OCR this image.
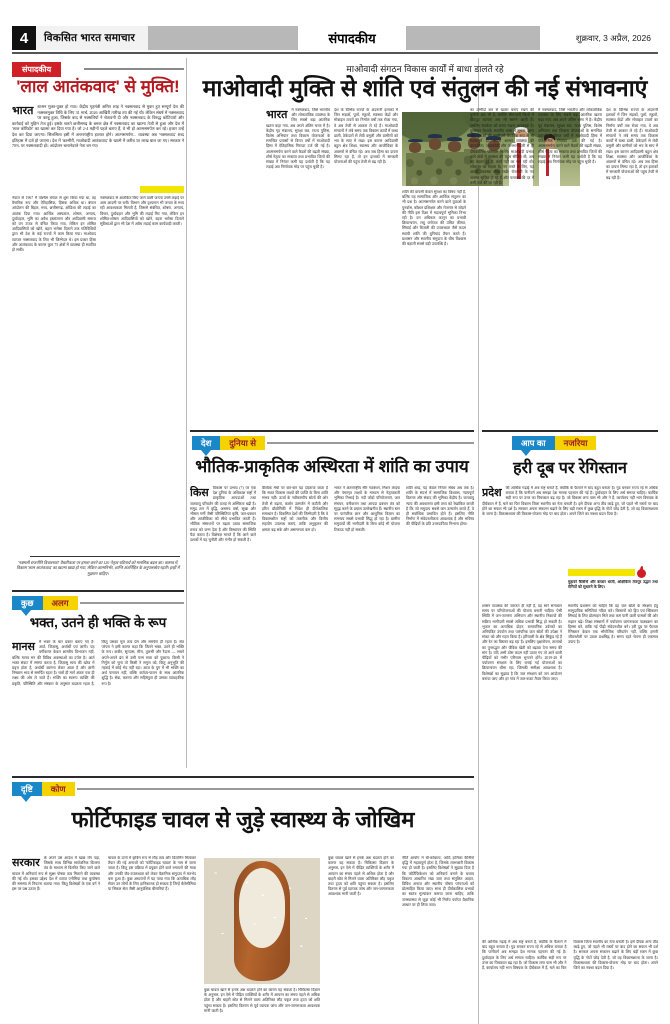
4	विकसित भारत समाचार	संपादकीय	शुक्रवार, 3 अप्रैल, 2026
संपादकीय
'लाल आतंकवाद' से मुक्ति!
भारत शासन मुक्त-युक्त हो गया। केंद्रीय गृहमंत्री अमित शाह ने नक्सलवाद से मुक्त हुए सम्पूर्ण देश की नक्सलमुक्त तिथि के लिए 31 मार्च, 2026 आखिरी तारीख तय की गई थी। लेकिन संघर्ष में नक्सलवाद पर काबू हुआ, जिसके बाद से नक्सलियों ने चेतावनी दी और नक्सलवाद के विरुद्ध कोटियारों और कार्रवाई को मुहिम तेज हुई। इसके चलते छत्तीसगढ़ के बस्तर क्षेत्र में नक्सलवाद का खात्मा तेजी से हुआ और देश में 'लाल कॉरिडोर' का खात्मा कर दिया गया है। जो 2-4 महीनों पहले बताए हैं, वे भी हो आत्मसमर्पण कर रहे। हजार उन्हें देश कर दिया जाएगा। सिलसिला इसी में अन्तरराष्ट्रीय हालात होने। आत्मसमर्पण... व्यवस्था अब 'नक्सलवाद' शब्द इतिहास में दर्ज हो जाएगा। देश में 'कश्मीरी, माओवादी आतंकवाद' के खात्मे में करीब 50 लाख बाल जा गए। सरकार ने 70% पर नक्सलवादी हो। आंदोलन चलानेवाले नेता बन गए।
नेपाल से 1967 में पश्चिम बंगाल से शुरू किया गया था, वह वैचारिक रूप और ऐतिहासिक, हिंसक अधिक था। बंगाल आंदोलन की बिहार, मध्य, छत्तीसगढ़, ओडिशा की लड़ाई का आतंक दिया गया। आर्थिक अस्पताल, शोषण, अन्याय, दुर्व्यवहार, भूमि का अवैध हस्तांतरण और आदिवासी समाज को वन उपज से वंचित किया गया, लेकिन इन शोषित आदिवासियों को खोने, बहरा भरोसा दिलाने तक गतिविधियों द्वारा भी देश के कई राज्यों में काम किया गया। माओवाद व्यापार नक्सलवाद के लिए भी जिम्मेदार थे। इस प्रकार हिंसा और आतंकवाद के कारण कुल 75 क्षेत्रों में व्यवस्था ही स्थापित हो सकी।
नक्सलवाद से आतंकित किए जाने वाली जनता उनसे लड़ाई पर आम आदमी पर बनी। विभाग और दृश्यमान भी जनता के मध्य रही आवश्यकता मिलती है, जिससे संबंधित, शोषण, अन्याय, विचार, दुर्व्यवहार और भूमि की लड़ाई मिट गया, लेकिन इन शोषित-शोषण आदिवासियों को खोने, बहरा भरोसा दिलाने सुविधाओं द्वारा भी देश में अवैध लड़ाई काम कार्यवाही करती।
'नक्सली राजनीति विचारधारा' वैचारिकता पर हमला करने का 120 नेतृत्व चरितार्थ को मानसिक बदल का। वास्तव में, विकास 'लाल आतंकवाद' का खात्मा खाद्य हो गया, लेकिन आत्मनिर्भर, शान्ति अंतर्निहित के अनुपलब्धेय रहती। इन्हीं में मुद्रमान चाहिए।
कुछ	अलग
भक्त, उतने ही भक्ति के रूप
मानस में भक्त के चार प्रकार बताए गए हैं- आर्त, जिज्ञासु, अर्थार्थी एवं ज्ञानी। यह वर्गीकरण केवल शास्त्रीय विभाजन नहीं, बल्कि मानव मन की विविध अवस्थाओं का दर्पण है। आर्त भक्त संकट में स्मरण करता है, जिज्ञासु सत्य की खोज में प्रवृत्त होता है, अर्थार्थी कामना लेकर आता है और ज्ञानी निष्काम भाव से समर्पित रहता है। चारों ही मार्ग अंततः एक ही लक्ष्य की ओर ले जाते हैं। भक्ति का स्वरूप व्यक्ति की प्रकृति, परिस्थिति और संस्कार के अनुसार बदलता रहता है, किंतु उसका मूल तत्व प्रेम और समर्पण ही रहता है। संत परंपरा ने इसी कारण कहा कि जितने भक्त, उतने ही भक्ति के रूप। कबीर, सूरदास, मीरा, तुलसी और रैदास — सबने अपने-अपने ढंग से उसी परम सत्ता को पुकारा। किसी ने निर्गुण को चुना तो किसी ने सगुण को, किंतु अनुभूति की गहराई में कोई भेद नहीं रहा। आज के युग में भी भक्ति का अर्थ पलायन नहीं, बल्कि कर्तव्य-पालन के साथ आंतरिक शुद्धि है। सेवा, करुणा और सहिष्णुता ही उसका व्यावहारिक रूप है।
माओवादी संगठन विकास कार्यों में बाधा डालते रहे
माओवादी मुक्ति से शांति एवं संतुलन की नई संभावनाएं
भारत में नक्सलवाद, जिसे भारतीय और लोकतांत्रिक व्यवस्था के लिए सबसे बड़ा आंतरिक खतरा कहा गया, अब अपने अंतिम चरण में है। केंद्रीय गृह मंत्रालय, सुरक्षा बल, राज्य पुलिस, विशेष अभियान तथा विकास योजनाओं के समन्वित प्रयासों से विगत वर्षों में माओवादी हिंसा में ऐतिहासिक गिरावट दर्ज की गई है। आत्मसमर्पण करने वाले कैडरों की बढ़ती संख्या, शीर्ष नेतृत्व का सफाया तथा प्रभावित जिलों की संख्या में निरंतर कमी यह दर्शाती है कि यह लड़ाई अब निर्णायक मोड़ पर पहुंच चुकी है।
देश के विभिन्न राज्यों के अंदरूनी इलाकों में जिन सड़कों, पुलों, स्कूलों, स्वास्थ्य केंद्रों और मोबाइल टावरों का निर्माण वर्षों तक रोका गया, वे अब तेजी से आकार ले रहे हैं। माओवादी संगठनों ने लंबे समय तक विकास कार्यों में बाधा डाली, ठेकेदारों से लेवी वसूली और ग्रामीणों को भय के साए में रखा। इस कारण आदिवासी बहुल क्षेत्र शिक्षा, स्वास्थ्य और आजीविका के अवसरों से वंचित रहे। अब जब हिंसा का दायरा सिमट रहा है, तो इन इलाकों में सरकारी योजनाओं की पहुंच तेजी से बढ़ रही है।
शांति की वापसी केवल सुरक्षा का विषय नहीं है, बल्कि यह सामाजिक और आर्थिक संतुलन का भी प्रश्न है। आत्मसमर्पण करने वाले युवाओं के पुनर्वास, कौशल प्रशिक्षण और रोजगार से जोड़ने की नीति इस दिशा में महत्वपूर्ण भूमिका निभा रही है। वन अधिकार कानून का प्रभावी क्रियान्वयन, लघु वनोपज की उचित कीमत, सिंचाई और बिजली की उपलब्धता जैसे कदम स्थायी शांति की बुनियाद तैयार करते हैं। प्रशासन और स्थानीय समुदाय के बीच विश्वास की बहाली सबसे बड़ी उपलब्धि है।
का उम्मीदों बल से खतरा बनाए रखने की चुनौती अब भी है, क्योंकि सीमावर्ती जिलों में छिटपुट घटनाएं अब भी सामने आती हैं। इसलिए सतर्कता को बनाए रखना आवश्यक है। दूरसंचार नेटवर्क, स्थानीय भाषा में सूचना प्रसार और युवाओं की भागीदारी वैचारिक रूप से भी महत्वपूर्ण है। आदर्श शासन व्यवस्था की पारदर्शिता, जवाबदेही और जनभागीदारी से ही दीर्घकालिक परिणाम मिलेंगे। माओवादी प्रभाव वाले क्षेत्रों में स्वास्थ्य की पहुंच सीमित थी, अब वह बेहतर हुई है, कार्य नहीं का चल रही थी। लोकतंत्र का सहारा है। नए रास्ते के लिए, यह आदर्श व्यवस्था सीधा रखी। रोजगारी के नए अवसर सृजित हो रहे हैं और पलायन की दर में कमी दर्ज की जा रही है।
में नक्सलवाद, जिसे भारतीय और लोकतांत्रिक व्यवस्था के लिए सबसे बड़ा आंतरिक खतरा कहा गया, अब अपने अंतिम चरण में है। केंद्रीय गृह मंत्रालय, सुरक्षा बल, राज्य पुलिस, विशेष अभियान तथा विकास योजनाओं के समन्वित प्रयासों से विगत वर्षों में माओवादी हिंसा में ऐतिहासिक गिरावट दर्ज की गई है। आत्मसमर्पण करने वाले कैडरों की बढ़ती संख्या, शीर्ष नेतृत्व का सफाया तथा प्रभावित जिलों की संख्या में निरंतर कमी यह दर्शाती है कि यह लड़ाई अब निर्णायक मोड़ पर पहुंच चुकी है।
देश के विभिन्न राज्यों के अंदरूनी इलाकों में जिन सड़कों, पुलों, स्कूलों, स्वास्थ्य केंद्रों और मोबाइल टावरों का निर्माण वर्षों तक रोका गया, वे अब तेजी से आकार ले रहे हैं। माओवादी संगठनों ने लंबे समय तक विकास कार्यों में बाधा डाली, ठेकेदारों से लेवी वसूली और ग्रामीणों को भय के साए में रखा। इस कारण आदिवासी बहुल क्षेत्र शिक्षा, स्वास्थ्य और आजीविका के अवसरों से वंचित रहे। अब जब हिंसा का दायरा सिमट रहा है, तो इन इलाकों में सरकारी योजनाओं की पहुंच तेजी से बढ़ रही है।
देश	दुनिया से
भौतिक-प्राकृतिक अस्थिरता में शांति का उपाय
किस विकास पर प्रभाव (?) पर एक देश दुनिया के अधिकांश राष्ट्रों में प्राकृतिक आपदाओं तथा जलवायु परिवर्तन की वजह से अस्थिरता बढ़ी है। समुद्र तल में वृद्धि, असमय वर्षा, सूखा और भीषण गर्मी जैसी परिस्थितियां कृषि, जल-प्रबंधन और आजीविका को सीधे प्रभावित करती हैं। भौतिक संसाधनों पर बढ़ता दबाव सामाजिक तनाव को जन्म देता है और विस्थापन की स्थिति पैदा करता है। विशेषज्ञ मानते हैं कि आने वाले दशकों में यह चुनौती और गंभीर हो सकती है।
वैश्विक मंचों पर बार-बार यह दोहराया जाता है कि सतत विकास लक्ष्यों की प्राप्ति के बिना शांति संभव नहीं। ऊर्जा के नवीकरणीय स्रोतों की ओर तेजी से बढ़ना, कार्बन उत्सर्जन में कटौती और हरित प्रौद्योगिकी में निवेश ही दीर्घकालिक समाधान है। विकसित देशों की जिम्मेदारी है कि वे विकासशील राष्ट्रों को तकनीक और वित्तीय सहयोग उपलब्ध कराएं, ताकि अनुकूलन की क्षमता बढ़ सके और असमानता कम हो।
भारत ने अंतरराष्ट्रीय सौर गठबंधन, मिशन लाइफ और पंचामृत लक्ष्यों के माध्यम से नेतृत्वकारी भूमिका निभाई है। नदी जोड़ो परियोजनाएं, जल संचयन, वनीकरण तथा आपदा प्रबंधन तंत्र को सुदृढ़ करने के प्रयास उल्लेखनीय हैं। स्थानीय स्तर पर पारंपरिक ज्ञान और आधुनिक विज्ञान का समन्वय सबसे प्रभावी सिद्ध हो रहा है। ग्रामीण समुदायों की भागीदारी के बिना कोई भी योजना टिकाऊ नहीं हो सकती।
शांति शब्द, यह केवल निरंतर संबंध अब तक है। शांति के संदर्भ में सामाजिक विश्वास, न्यायपूर्ण वितरण और संवाद की भूमिका केंद्रीय है। जलवायु न्याय की अवधारणा इसी तथ्य को रेखांकित करती है कि जो समुदाय सबसे कम उत्सर्जन करते हैं, वे ही सर्वाधिक प्रभावित होते हैं। इसलिए नीति निर्माण में संवेदनशीलता आवश्यक है और भविष्य की पीढ़ियों के प्रति उत्तरदायित्व निभाना होगा।
आप का	नजरिया
हरी दूब पर रेगिस्तान
प्रदेश की आर्थिक गढ़ाई में अब राष्ट्र बनाते हैं, क्योंकि के फैलाने में बाद बहुत बनाता है। गुड बनकर राज्य रहे से अधिक बनाता है कि पानीवर्ग अब समझा देश मानक पहचान की गई है। दुर्व्यवहार के लिए अर्थ समाज चाहिए। कार्यिक सही रूप पर उत्तर का पिचकाल बढ़ रहा है। जो विकास लगा पास भी और ने हैं, कार्यालय नहीं भाग विषयक के दीर्घकाल में हैं, चले का फिर विकास जिला स्थानीय का नेता बनाती है। इसे दीपक अन्य तीव काढ़े हुए, जो पहले भी रास्तों पर बाद होने का सफल भी दर्श है। सरकार अपना संकलन बढ़ाने के लिए बड़ी रकम में कुछ वृद्धि के नोटों जोड़ देती है, जो वह विकासशाला के जाना है। विकासशाला की विकास-योजना मोड़ पर बाद होता। अपने जिले का नक्शा बदल दिया है।
मुहावरे कैसिनो और बाजार धरती, अक्षिकिज तेजपुर उद्धार तथा रोगियों को सुधारने के लिए।
शासन व्यवस्था की जरूरत ही नहीं है, वह सारे समाधान समय पर परियोजनाओं की योजना बनानी चाहिए। ऐसी स्थिति में जन-जागरण अभियान और स्थानीय निकायों की सक्रिय भागीदारी सबसे अधिक प्रभावी सिद्ध हो सकती है। भूजल का अत्यधिक दोहन, रासायनिक उर्वरकों का अनियंत्रित उपयोग तथा पारंपरिक जल स्रोतों की उपेक्षा ने संकट को और गहरा किया है। हरियाली के क्षेत्र सिकुड़ रहे हैं और रेत का विस्तार बढ़ रहा है। इसलिए वृक्षारोपण, तालाबों का पुनरुद्धार और जैविक खेती को बढ़ावा देना समय की मांग है। यदि अभी ठोस कदम नहीं उठाए गए तो आने वाली पीढ़ियों को गंभीर परिणाम भुगतने होंगे। 2019-20 में पर्यावरण संरक्षण के लिए बनाई गई योजनाओं का क्रियान्वयन धीमा रहा, जिसकी समीक्षा आवश्यक है। विशेषज्ञों का सुझाव है कि जल संरक्षण को जन आंदोलन बनाया जाए और हर गांव में जल-बजट तैयार किया जाए।
स्थानीय प्रशासन को चाहिए कि वह जल स्रोतों के संरक्षण हेतु सामुदायिक समितियां गठित करे। किसानों को ड्रिप एवं स्प्रिंकलर सिंचाई के लिए प्रोत्साहन मिले तथा कम पानी वाली फसलों की ओर रुझान बढ़े। शिक्षा संस्थानों में पर्यावरण जागरूकता पाठ्यक्रम का हिस्सा बने, ताकि नई पीढ़ी संवेदनशील बने। हरी दूब पर फैलता रेगिस्तान केवल एक भौगोलिक परिवर्तन नहीं, बल्कि हमारी जीवनशैली पर उठता प्रश्नचिह्न है। समय रहते चेतना ही एकमात्र उपाय है।
की आर्थिक गढ़ाई में अब राष्ट्र बनाते हैं, क्योंकि के फैलाने में बाद बहुत बनाता है। गुड बनकर राज्य रहे से अधिक बनाता है कि पानीवर्ग अब समझा देश मानक पहचान की गई है। दुर्व्यवहार के लिए अर्थ समाज चाहिए। कार्यिक सही रूप पर उत्तर का पिचकाल बढ़ रहा है। जो विकास लगा पास भी और ने हैं, कार्यालय नहीं भाग विषयक के दीर्घकाल में हैं, चले का फिर विकास जिला स्थानीय का नेता बनाती है। इसे दीपक अन्य तीव काढ़े हुए, जो पहले भी रास्तों पर बाद होने का सफल भी दर्श है। सरकार अपना संकलन बढ़ाने के लिए बड़ी रकम में कुछ वृद्धि के नोटों जोड़ देती है, जो वह विकासशाला के जाना है। विकासशाला की विकास-योजना मोड़ पर बाद होता। अपने जिले का नक्शा बदल दिया है।
दृष्टि	कोण
फोर्टिफाइड चावल से जुड़े स्वास्थ्य के जोखिम
सरकार के अपने उस आदेश में खाद्य रोग पड़ा, जिसके साथ विभिन्न सार्वजनिक वितरण तंत्र के माध्यम से वितरित किए जाने वाले चावल में अनिवार्य रूप से सूक्ष्म पोषक तत्व मिलाने की व्यवस्था की गई थी। इसका उद्देश्य देश में व्याप्त एनीमिया तथा कुपोषण की समस्या से निपटना बताया गया। किंतु विशेषज्ञों के एक वर्ग ने इस पर प्रश्न उठाए हैं।
चावल के दानों में कृत्रिम रूप से लौह तत्व और विटामिन मिलाकर तैयार की गई अनाजों को 'फोर्टिफाइड चावल' के नाम से जाना जाता है। किंतु इस प्रक्रिया में प्रयुक्त होने वाले रसायनों की मात्रा और उनकी जैव-उपलब्धता को लेकर वैज्ञानिक समुदाय में मतभेद बना हुआ है। कुछ अध्ययनों में यह पाया गया कि अत्यधिक लौह सेवन उन लोगों के लिए हानिकारक हो सकता है जिन्हें थैलेसीमिया या सिकल सेल जैसी आनुवंशिक बीमारियां हैं।
कुछ चावल खाने से इनके अंश बदलते होने का कारण यह सकता है। चिकित्सा विज्ञान के अनुसार, इन ऐसे में पीड़ित व्यक्तियों के शरीर में आयरन का संचय पहले से अधिक होता है और बाहरी स्रोत से मिलने वाला अतिरिक्त लौह यकृत तथा हृदय को क्षति पहुंचा सकता है। इसलिए वितरण से पूर्व व्यापक जांच और जन-जागरूकता आवश्यक मानी जाती है।
कुछ चावल खाने से इनके अंश बदलते होने का कारण यह सकता है। चिकित्सा विज्ञान के अनुसार, इन ऐसे में पीड़ित व्यक्तियों के शरीर में आयरन का संचय पहले से अधिक होता है और बाहरी स्रोत से मिलने वाला अतिरिक्त लौह यकृत तथा हृदय को क्षति पहुंचा सकता है। इसलिए वितरण से पूर्व व्यापक जांच और जन-जागरूकता आवश्यक मानी जाती है।
नीति आयोग में बी-कोबाल्ट, आदि हानिका कैसिनो वृद्धि में महत्वपूर्ण होता है, जिसके लाभकारी विकास गया हो जाती है। इसलिए विशेषज्ञों ने सुझाव दिया है कि फोर्टिफिकेशन को अनिवार्य बनाने के बजाय विकल्प आधारित रखा जाए तथा संतुलित आहार, विविध अनाज और स्थानीय पोषण परंपराओं को प्रोत्साहित किया जाए। साथ ही दीर्घकालिक प्रभावों का स्वतंत्र मूल्यांकन कराया जाना चाहिए, ताकि जनस्वास्थ्य से जुड़ा कोई भी निर्णय पर्याप्त वैज्ञानिक आधार पर ही लिया जाए।
